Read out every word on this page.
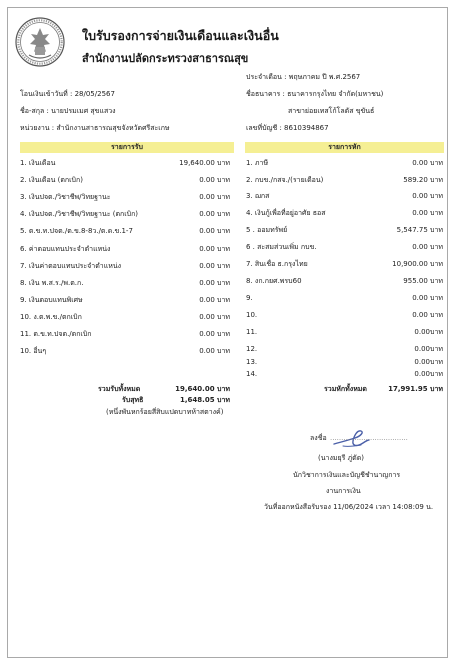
ใบรับรองการจ่ายเงินเดือนและเงินอื่น
สำนักงานปลัดกระทรวงสาธารณสุข
ประจำเดือน : พฤษภาคม ปี พ.ศ.2567
ชื่อธนาคาร : ธนาคารกรุงไทย จำกัด(มหาชน)
สาขาย่อยเทสโก้โลตัส ขุขันธ์
เลขที่บัญชี : 8610394867
โอนเงินเข้าวันที่ : 28/05/2567
ชื่อ-สกุล : นายปรมเมศ สุขแสวง
หน่วยงาน : สำนักงานสาธารณสุขจังหวัดศรีสะเกษ
รายการรับ	รายการหัก
รวมรับทั้งหมด	19,640.00 บาท
รับสุทธิ	1,648.05 บาท
(หนึ่งพันหกร้อยสี่สิบแปดบาทห้าสตางค์)
รวมหักทั้งหมด	17,991.95 บาท
ลงชื่อ ...................................
(นางมยุรี ภู่ตัด)
นักวิชาการเงินและบัญชีชำนาญการ
งานการเงิน
วันที่ออกหนังสือรับรอง 11/06/2024 เวลา 14:08:09 น.
1. เงินเดือน	19,640.00 บาท
2. เงินเดือน (ตกเบิก)	0.00 บาท
3. เงินปจต./วิชาชีพ/วิทยฐานะ	0.00 บาท
4. เงินปจต./วิชาชีพ/วิทยฐานะ (ตกเบิก)	0.00 บาท
5. ต.ข.ท.ปจต./ต.ข.8-8ว./ต.ด.ข.1-7	0.00 บาท
6. ค่าตอบแทนประจำตำแหน่ง	0.00 บาท
7. เงินค่าตอบแทนประจำตำแหน่ง	0.00 บาท
8. เงิน พ.ส.ร./พ.ต.ก.	0.00 บาท
9. เงินตอบแทนพิเศษ	0.00 บาท
10. ง.ต.พ.ข./ตกเบิก	0.00 บาท
11. ต.ข.ท.ปจต./ตกเบิก	0.00 บาท
10. อื่นๆ	0.00 บาท
1. ภาษี	0.00 บาท
2. กบข./กสจ./(รายเดือน)	589.20 บาท
3. ฌกส	0.00 บาท
4. เงินกู้เพื่อที่อยู่อาศัย ธอส	0.00 บาท
5 . ออมทรัพย์	5,547.75 บาท
6 . สะสมส่วนเพิ่ม กบข.	0.00 บาท
7. สินเชื่อ ธ.กรุงไทย	10,900.00 บาท
8. งก.กยศ.พรบ60	955.00 บาท
9.	0.00 บาท
10.	0.00 บาท
11.	0.00บาท
12.	0.00บาท
13.	0.00บาท
14.	0.00บาท
